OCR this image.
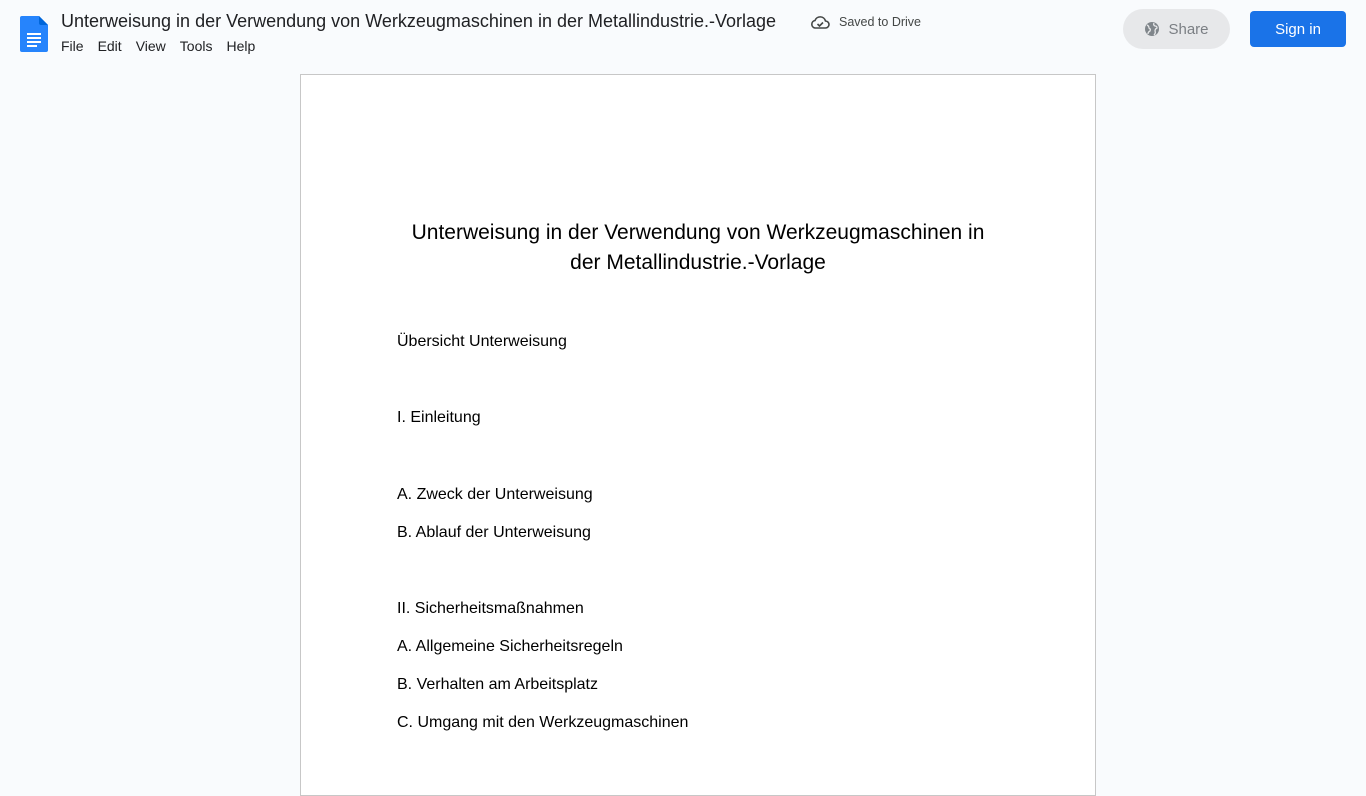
Unterweisung in der Verwendung von Werkzeugmaschinen in der Metallindustrie.-Vorlage	Saved to Drive
File	Edit	View	Tools	Help
Share	Sign in
Unterweisung in der Verwendung von Werkzeugmaschinen in
der Metallindustrie.-Vorlage
Übersicht Unterweisung
I. Einleitung
A. Zweck der Unterweisung
B. Ablauf der Unterweisung
II. Sicherheitsmaßnahmen
A. Allgemeine Sicherheitsregeln
B. Verhalten am Arbeitsplatz
C. Umgang mit den Werkzeugmaschinen
